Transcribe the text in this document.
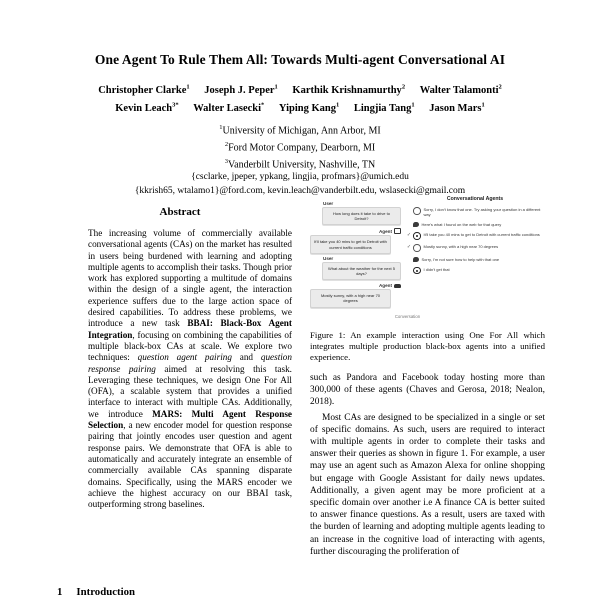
One Agent To Rule Them All: Towards Multi-agent Conversational AI
Christopher Clarke$^1$ Joseph J. Peper$^1$ Karthik Krishnamurthy$^2$ Walter Talamonti$^2$
Kevin Leach$^{3*}$ Walter Lasecki* Yiping Kang$^1$ Lingjia Tang$^1$ Jason Mars$^1$
$^1$University of Michigan, Ann Arbor, MI
$^2$Ford Motor Company, Dearborn, MI
$^3$Vanderbilt University, Nashville, TN
{csclarke, jpeper, ypkang, lingjia, profmars}@umich.edu
{kkrish65, wtalamo1}@ford.com, kevin.leach@vanderbilt.edu, wslasecki@gmail.com
Abstract

The increasing volume of commercially available conversational agents (CAs) on the market has resulted in users being burdened with learning and adopting multiple agents to accomplish their tasks. Though prior work has explored supporting a multitude of domains within the design of a single agent, the interaction experience suffers due to the large action space of desired capabilities. To address these problems, we introduce a new task BBAI: Black-Box Agent Integration, focusing on combining the capabilities of multiple black-box CAs at scale. We explore two techniques: question agent pairing and question response pairing aimed at resolving this task. Leveraging these techniques, we design One For All (OFA), a scalable system that provides a unified interface to interact with multiple CAs. Additionally, we introduce MARS: Multi Agent Response Selection, a new encoder model for question response pairing that jointly encodes user question and agent response pairs. We demonstrate that OFA is able to automatically and accurately integrate an ensemble of commercially available CAs spanning disparate domains. Specifically, using the MARS encoder we achieve the highest accuracy on our BBAI task, outperforming strong baselines.

1 Introduction
User
How long does it take to drive to Detroit?
Agent
It'll take you 40 mins to get to Detroit with current traffic conditions
User
What about the weather for the next 5 days?
Agent
Mostly sunny, with a high near 70 degrees
Conversational Agents
Sorry, I don't know that one. Try asking your question in a different way
Here's what I found on the web for that query
✓	It'll take you 40 mins to get to Detroit with current traffic conditions
✓	Mostly sunny, with a high near 70 degrees
Sorry, I'm not sure how to help with that one
I didn't get that
Conversation

Figure 1: An example interaction using One For All which integrates multiple production black-box agents into a unified experience.

such as Pandora and Facebook today hosting more than 300,000 of these agents (Chaves and Gerosa, 2018; Nealon, 2018).

Most CAs are designed to be specialized in a single or set of specific domains. As such, users are required to interact with multiple agents in order to complete their tasks and answer their queries as shown in figure 1. For example, a user may use an agent such as Amazon Alexa for online shopping but engage with Google Assistant for daily news updates. Additionally, a given agent may be more proficient at a specific domain over another i.e A finance CA is better suited to answer finance questions. As a result, users are taxed with the burden of learning and adopting multiple agents leading to an increase in the cognitive load of interacting with agents, further discouraging the proliferation of
